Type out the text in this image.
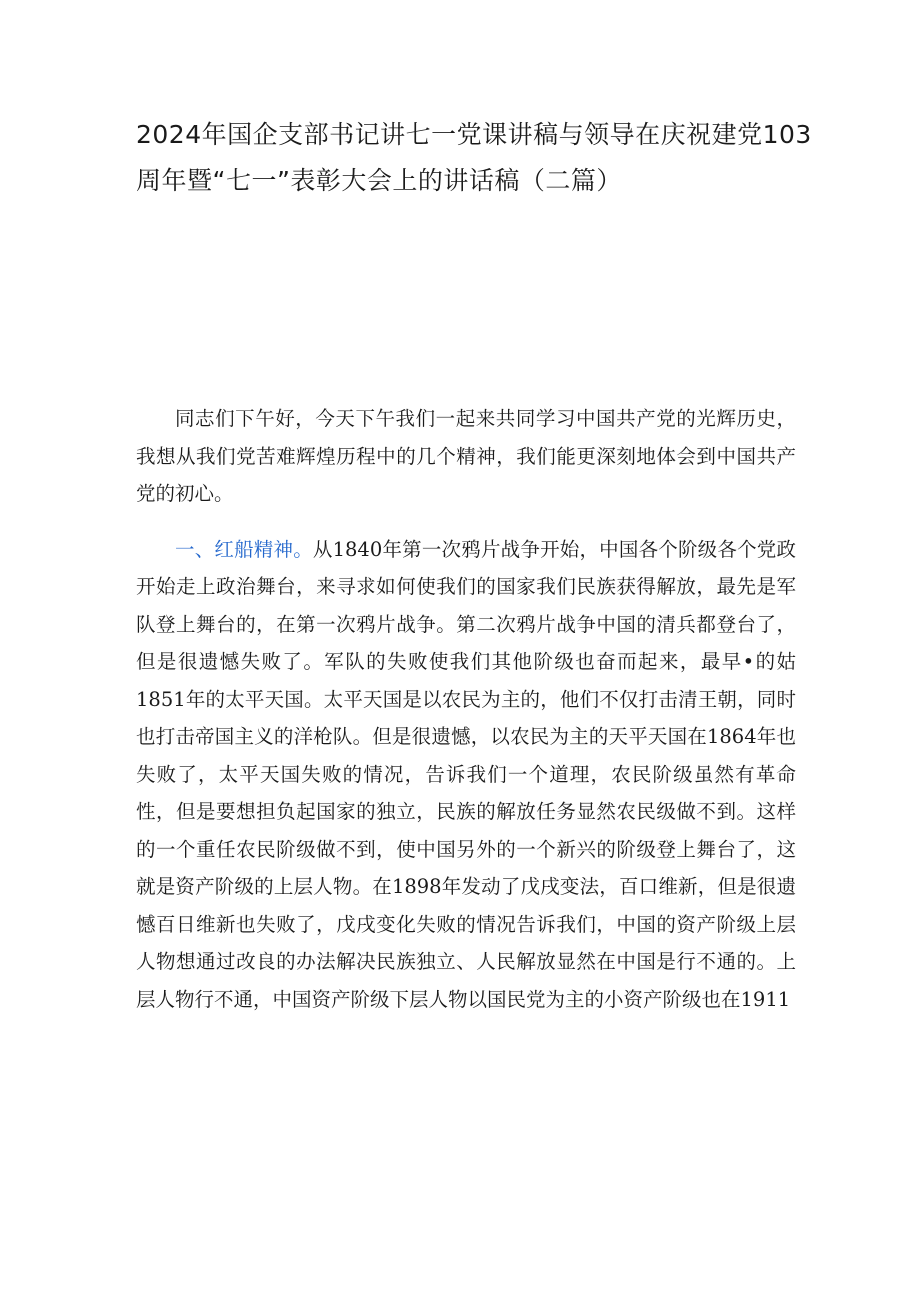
2024年国企支部书记讲七一党课讲稿与领导在庆祝建党103周年暨“七一”表彰大会上的讲话稿（二篇）

同志们下午好，今天下午我们一起来共同学习中国共产党的光辉历史，我想从我们党苦难辉煌历程中的几个精神，我们能更深刻地体会到中国共产党的初心。

一、红船精神。从1840年第一次鸦片战争开始，中国各个阶级各个党政开始走上政治舞台，来寻求如何使我们的国家我们民族获得解放，最先是军队登上舞台的，在第一次鸦片战争。第二次鸦片战争中国的清兵都登台了，但是很遗憾失败了。军队的失败使我们其他阶级也奋而起来，最早•的姑1851年的太平天国。太平天国是以农民为主的，他们不仅打击清王朝，同时也打击帝国主义的洋枪队。但是很遗憾，以农民为主的天平天国在1864年也失败了，太平天国失败的情况，告诉我们一个道理，农民阶级虽然有革命性，但是要想担负起国家的独立，民族的解放任务显然农民级做不到。这样的一个重任农民阶级做不到，使中国另外的一个新兴的阶级登上舞台了，这就是资产阶级的上层人物。在1898年发动了戊戌变法，百口维新，但是很遗憾百日维新也失败了，戊戌变化失败的情况告诉我们，中国的资产阶级上层人物想通过改良的办法解决民族独立、人民解放显然在中国是行不通的。上层人物行不通，中国资产阶级下层人物以国民党为主的小资产阶级也在1911
